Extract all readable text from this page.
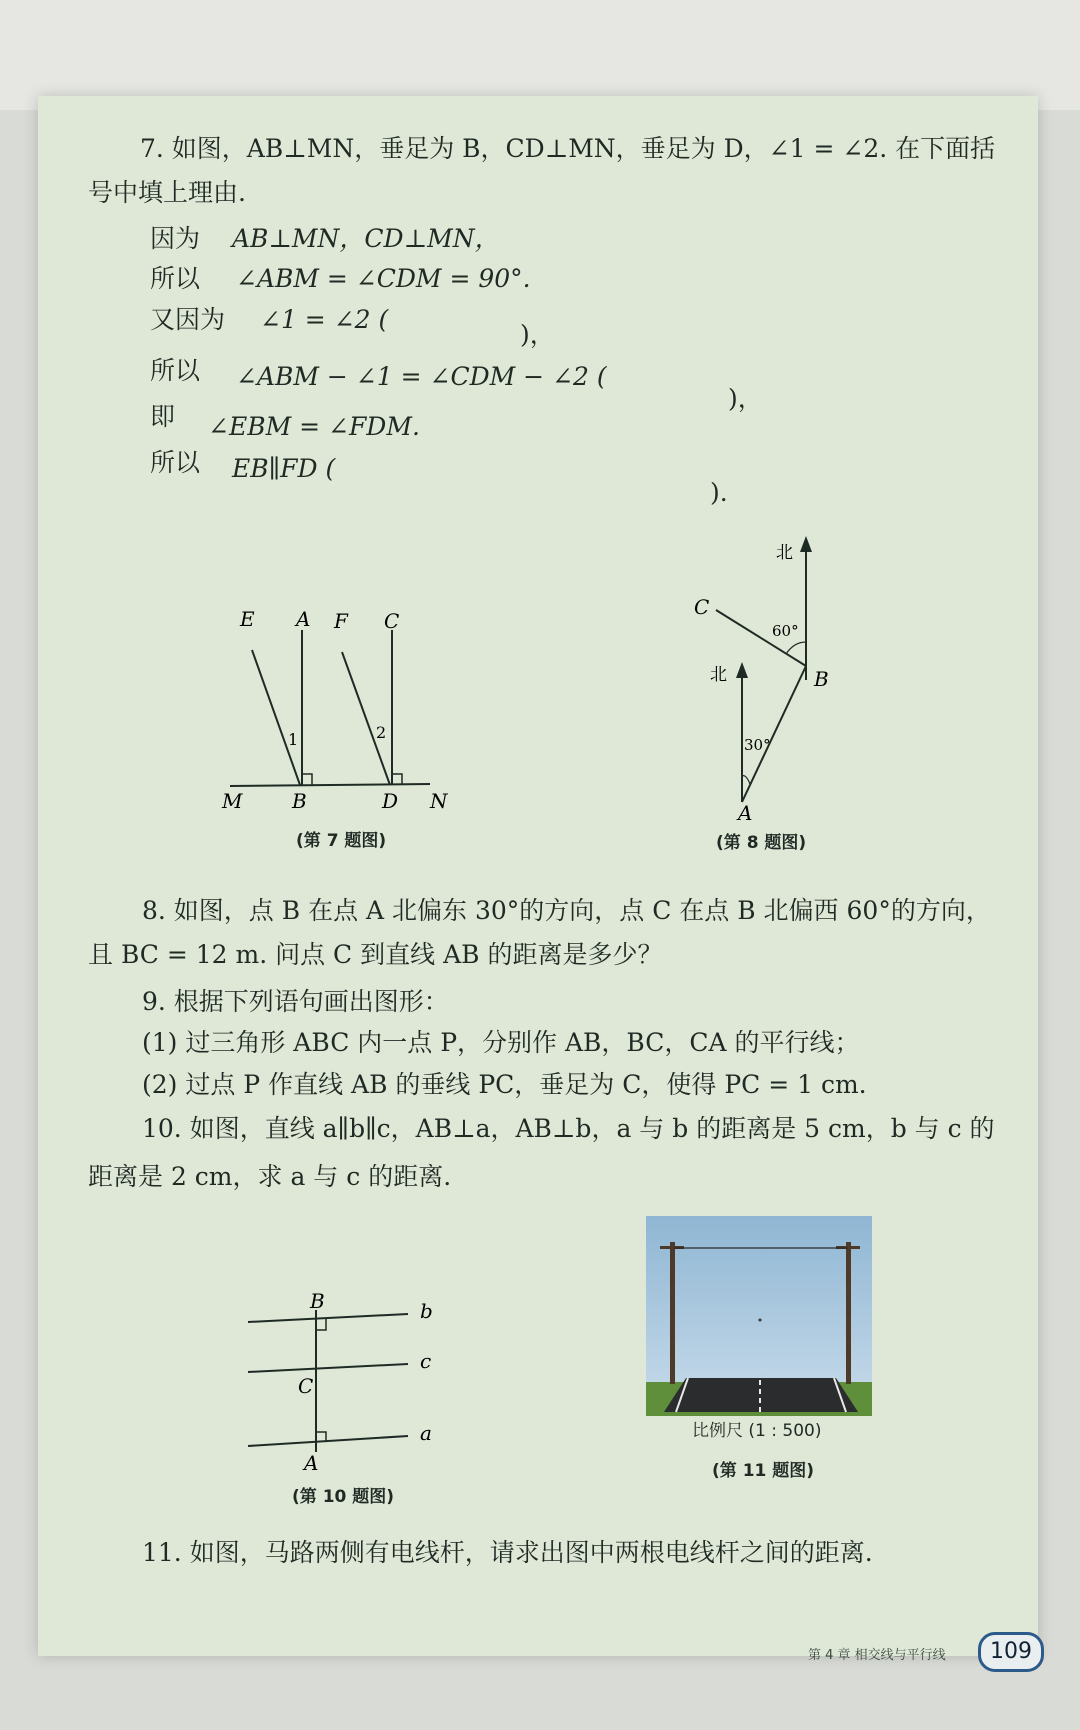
7. 如图，AB⊥MN，垂足为 B，CD⊥MN，垂足为 D，∠1 = ∠2. 在下面括
号中填上理由.
因为 AB⊥MN，CD⊥MN，
所以 ∠ABM = ∠CDM = 90°.
又因为 ∠1 = ∠2 (
)，
所以 ∠ABM − ∠1 = ∠CDM − ∠2 (
)，
即 ∠EBM = ∠FDM.
所以 EB∥FD (
).
E A F C
M B	D N
1	2
(第 7 题图)
北
北
C
B
A
60°
30°
(第 8 题图)
8. 如图，点 B 在点 A 北偏东 30°的方向，点 C 在点 B 北偏西 60°的方向，
且 BC = 12 m. 问点 C 到直线 AB 的距离是多少？
9. 根据下列语句画出图形：
(1) 过三角形 ABC 内一点 P，分别作 AB，BC，CA 的平行线；
(2) 过点 P 作直线 AB 的垂线 PC，垂足为 C，使得 PC = 1 cm.
10. 如图，直线 a∥b∥c，AB⊥a，AB⊥b，a 与 b 的距离是 5 cm，b 与 c 的
距离是 2 cm，求 a 与 c 的距离.
B
C
A
b
c
a
(第 10 题图)
比例尺 (1 : 500)
(第 11 题图)
11. 如图，马路两侧有电线杆，请求出图中两根电线杆之间的距离.
第 4 章 相交线与平行线	109
